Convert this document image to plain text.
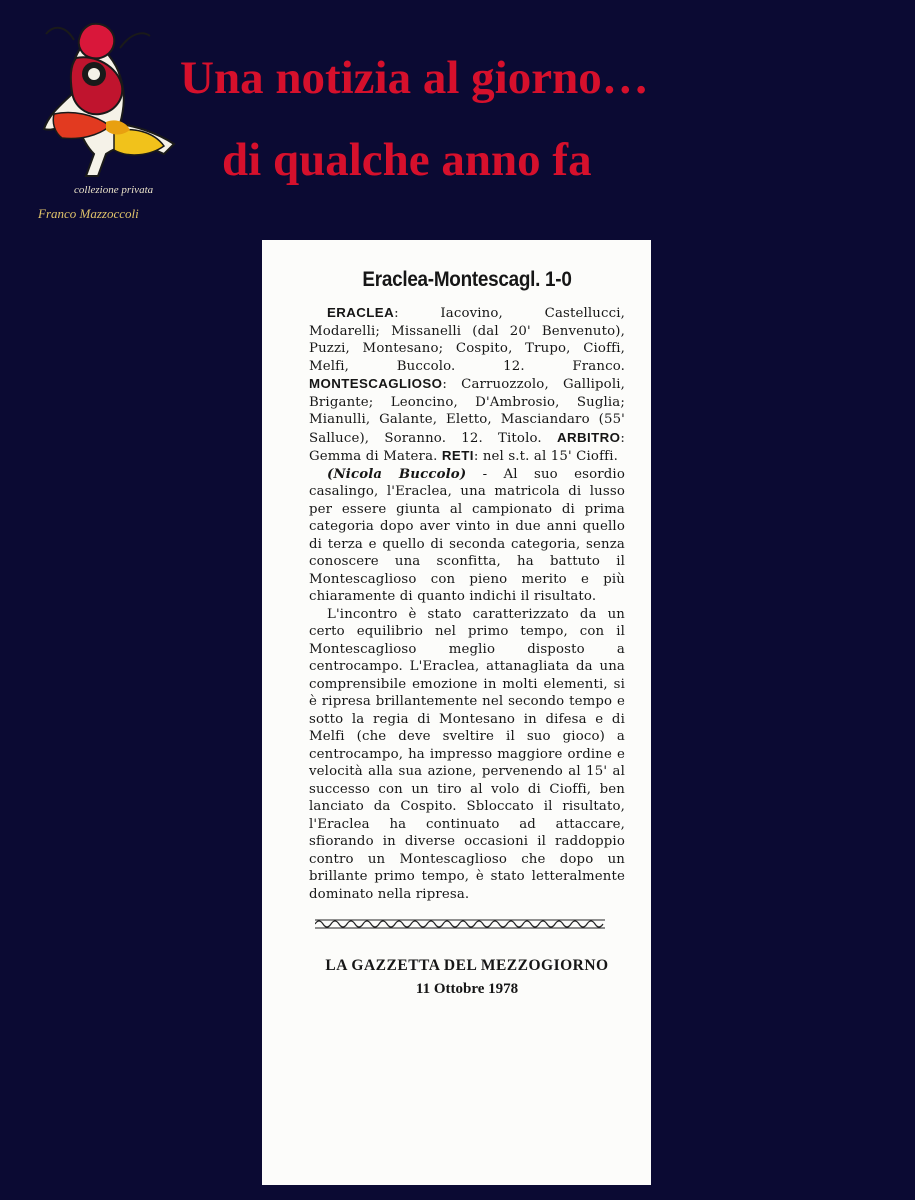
collezione privata
Franco Mazzoccoli
Una notizia al giorno…
di qualche anno fa
Eraclea-Montescagl. 1-0

ERACLEA: Iacovino, Castellucci, Modarelli; Missanelli (dal 20' Benvenuto), Puzzi, Montesano; Cospito, Trupo, Cioffi, Melfi, Buccolo. 12. Franco. MONTESCAGLIOSO: Carruozzolo, Gallipoli, Brigante; Leoncino, D'Ambrosio, Suglia; Mianulli, Galante, Eletto, Masciandaro (55' Salluce), Soranno. 12. Titolo. ARBITRO: Gemma di Matera. RETI: nel s.t. al 15' Cioffi.

(Nicola Buccolo) - Al suo esordio casalingo, l'Eraclea, una matricola di lusso per essere giunta al campionato di prima categoria dopo aver vinto in due anni quello di terza e quello di seconda categoria, senza conoscere una sconfitta, ha battuto il Montescaglioso con pieno merito e più chiaramente di quanto indichi il risultato.

L'incontro è stato caratterizzato da un certo equilibrio nel primo tempo, con il Montescaglioso meglio disposto a centrocampo. L'Eraclea, attanagliata da una comprensibile emozione in molti elementi, si è ripresa brillantemente nel secondo tempo e sotto la regia di Montesano in difesa e di Melfi (che deve sveltire il suo gioco) a centrocampo, ha impresso maggiore ordine e velocità alla sua azione, pervenendo al 15' al successo con un tiro al volo di Cioffi, ben lanciato da Cospito. Sbloccato il risultato, l'Eraclea ha continuato ad attaccare, sfiorando in diverse occasioni il raddoppio contro un Montescaglioso che dopo un brillante primo tempo, è stato letteralmente dominato nella ripresa.

LA GAZZETTA DEL MEZZOGIORNO
11 Ottobre 1978
